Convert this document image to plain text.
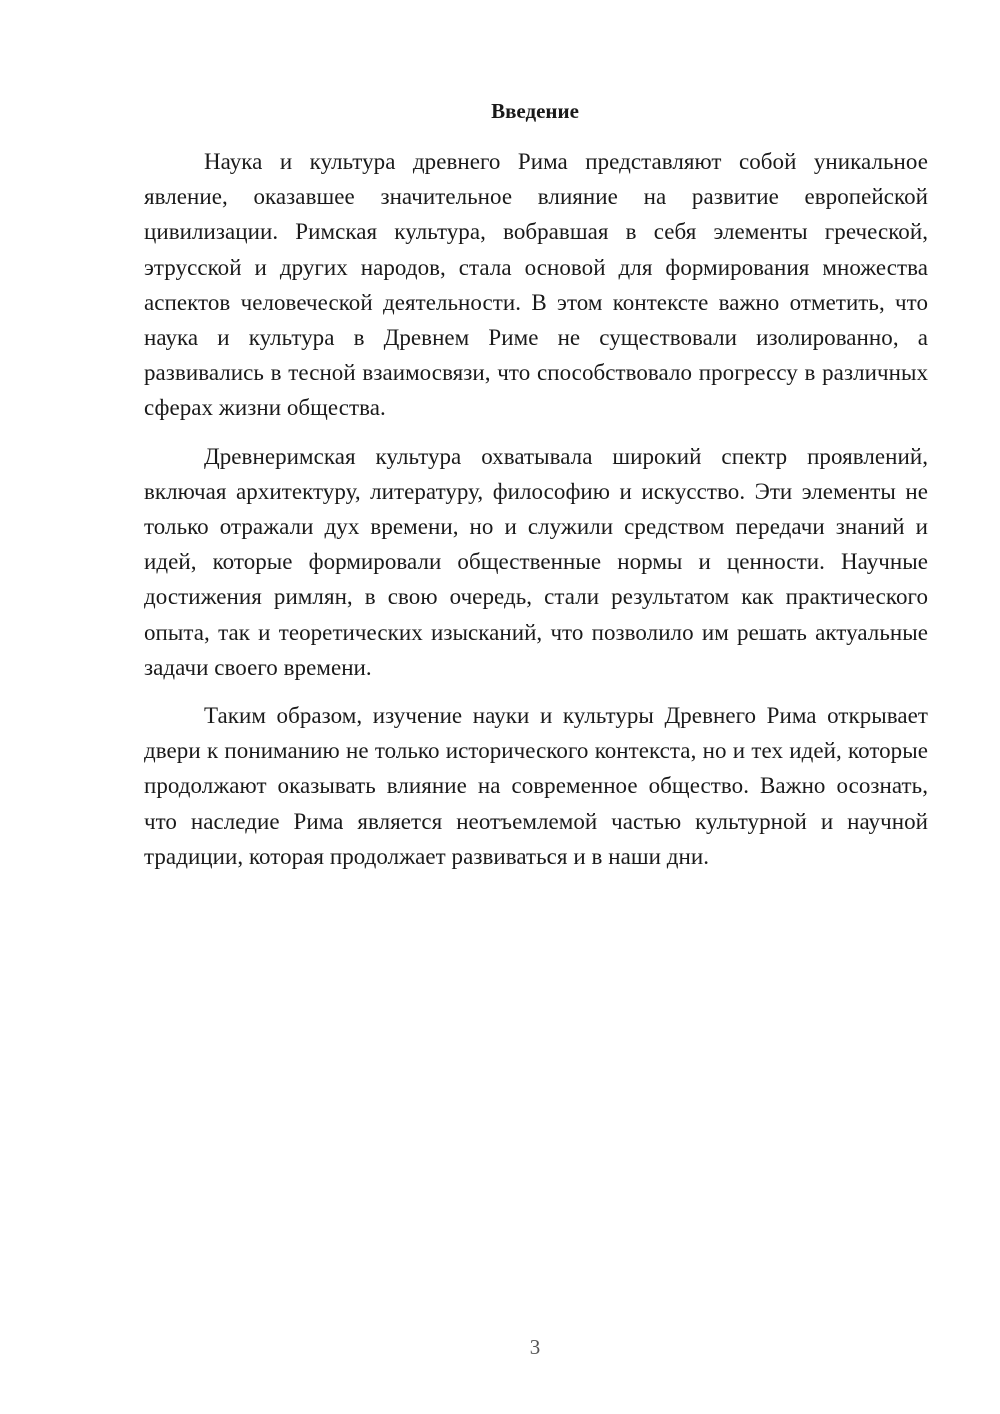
Введение

Наука и культура древнего Рима представляют собой уникальное явление, оказавшее значительное влияние на развитие европейской цивилизации. Римская культура, вобравшая в себя элементы греческой, этрусской и других народов, стала основой для формирования множества аспектов человеческой деятельности. В этом контексте важно отметить, что наука и культура в Древнем Риме не существовали изолированно, а развивались в тесной взаимосвязи, что способствовало прогрессу в различных сферах жизни общества.

Древнеримская культура охватывала широкий спектр проявлений, включая архитектуру, литературу, философию и искусство. Эти элементы не только отражали дух времени, но и служили средством передачи знаний и идей, которые формировали общественные нормы и ценности. Научные достижения римлян, в свою очередь, стали результатом как практического опыта, так и теоретических изысканий, что позволило им решать актуальные задачи своего времени.

Таким образом, изучение науки и культуры Древнего Рима открывает двери к пониманию не только исторического контекста, но и тех идей, которые продолжают оказывать влияние на современное общество. Важно осознать, что наследие Рима является неотъемлемой частью культурной и научной традиции, которая продолжает развиваться и в наши дни.

3
